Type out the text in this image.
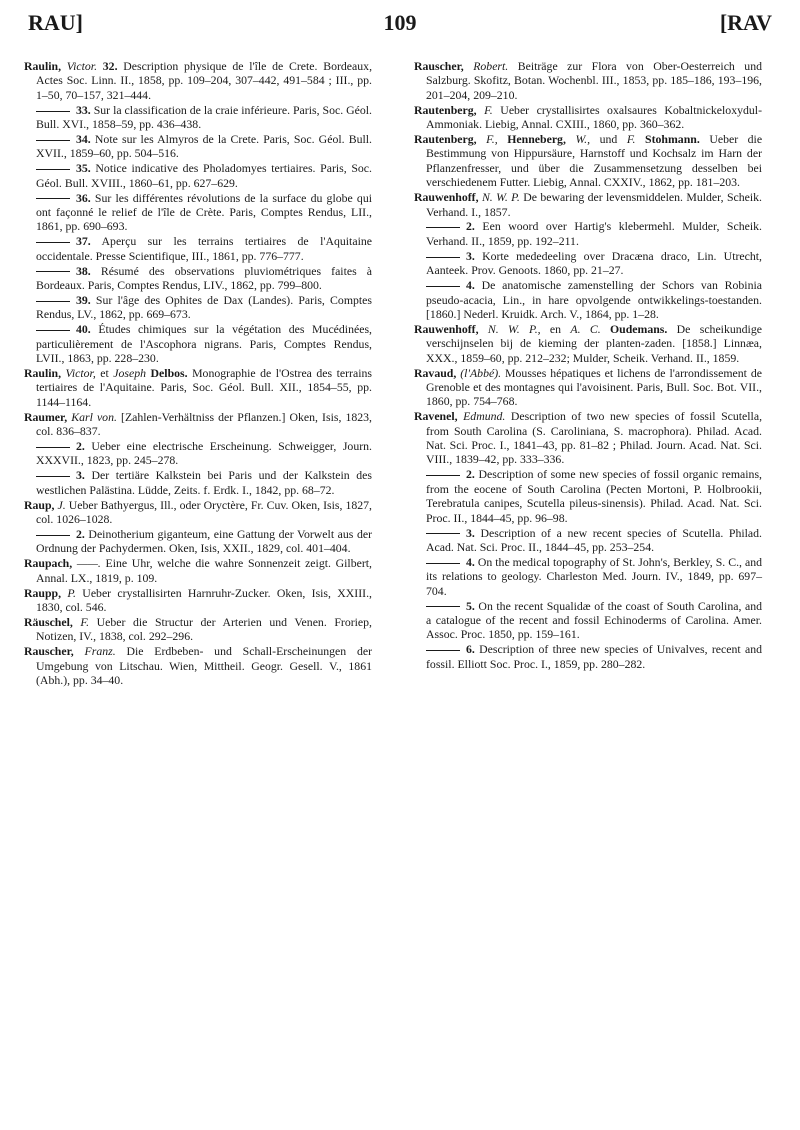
RAU]	109	[RAV

Raulin, Victor. 32. Description physique de l'île de Crete. Bordeaux, Actes Soc. Linn. II., 1858, pp. 109–204, 307–442, 491–584 ; III., pp. 1–50, 70–157, 321–444.

33. Sur la classification de la craie inférieure. Paris, Soc. Géol. Bull. XVI., 1858–59, pp. 436–438.

34. Note sur les Almyros de la Crete. Paris, Soc. Géol. Bull. XVII., 1859–60, pp. 504–516.

35. Notice indicative des Pholadomyes tertiaires. Paris, Soc. Géol. Bull. XVIII., 1860–61, pp. 627–629.

36. Sur les différentes révolutions de la surface du globe qui ont façonné le relief de l'île de Crète. Paris, Comptes Rendus, LII., 1861, pp. 690–693.

37. Aperçu sur les terrains tertiaires de l'Aquitaine occidentale. Presse Scientifique, III., 1861, pp. 776–777.

38. Résumé des observations pluviométriques faites à Bordeaux. Paris, Comptes Rendus, LIV., 1862, pp. 799–800.

39. Sur l'âge des Ophites de Dax (Landes). Paris, Comptes Rendus, LV., 1862, pp. 669–673.

40. Études chimiques sur la végétation des Mucédinées, particulièrement de l'Ascophora nigrans. Paris, Comptes Rendus, LVII., 1863, pp. 228–230.

Raulin, Victor, et Joseph Delbos. Monographie de l'Ostrea des terrains tertiaires de l'Aquitaine. Paris, Soc. Géol. Bull. XII., 1854–55, pp. 1144–1164.

Raumer, Karl von. [Zahlen-Verhältniss der Pflanzen.] Oken, Isis, 1823, col. 836–837.

2. Ueber eine electrische Erscheinung. Schweigger, Journ. XXXVII., 1823, pp. 245–278.

3. Der tertiäre Kalkstein bei Paris und der Kalkstein des westlichen Palästina. Lüdde, Zeits. f. Erdk. I., 1842, pp. 68–72.

Raup, J. Ueber Bathyergus, Ill., oder Oryctère, Fr. Cuv. Oken, Isis, 1827, col. 1026–1028.

2. Deinotherium giganteum, eine Gattung der Vorwelt aus der Ordnung der Pachydermen. Oken, Isis, XXII., 1829, col. 401–404.

Raupach, ——. Eine Uhr, welche die wahre Sonnenzeit zeigt. Gilbert, Annal. LX., 1819, p. 109.

Raupp, P. Ueber crystallisirten Harnruhr-Zucker. Oken, Isis, XXIII., 1830, col. 546.

Räuschel, F. Ueber die Structur der Arterien und Venen. Froriep, Notizen, IV., 1838, col. 292–296.

Rauscher, Franz. Die Erdbeben- und Schall-Erscheinungen der Umgebung von Litschau. Wien, Mittheil. Geogr. Gesell. V., 1861 (Abh.), pp. 34–40.

Rauscher, Robert. Beiträge zur Flora von Ober-Oesterreich und Salzburg. Skofitz, Botan. Wochenbl. III., 1853, pp. 185–186, 193–196, 201–204, 209–210.

Rautenberg, F. Ueber crystallisirtes oxalsaures Kobaltnickeloxydul-Ammoniak. Liebig, Annal. CXIII., 1860, pp. 360–362.

Rautenberg, F., Henneberg, W., und F. Stohmann. Ueber die Bestimmung von Hippursäure, Harnstoff und Kochsalz im Harn der Pflanzenfresser, und über die Zusammensetzung desselben bei verschiedenem Futter. Liebig, Annal. CXXIV., 1862, pp. 181–203.

Rauwenhoff, N. W. P. De bewaring der levensmiddelen. Mulder, Scheik. Verhand. I., 1857.

2. Een woord over Hartig's klebermehl. Mulder, Scheik. Verhand. II., 1859, pp. 192–211.

3. Korte mededeeling over Dracæna draco, Lin. Utrecht, Aanteek. Prov. Genoots. 1860, pp. 21–27.

4. De anatomische zamenstelling der Schors van Robinia pseudo-acacia, Lin., in hare opvolgende ontwikkelings-toestanden. [1860.] Nederl. Kruidk. Arch. V., 1864, pp. 1–28.

Rauwenhoff, N. W. P., en A. C. Oudemans. De scheikundige verschijnselen bij de kieming der planten-zaden. [1858.] Linnæa, XXX., 1859–60, pp. 212–232; Mulder, Scheik. Verhand. II., 1859.

Ravaud, (l'Abbé). Mousses hépatiques et lichens de l'arrondissement de Grenoble et des montagnes qui l'avoisinent. Paris, Bull. Soc. Bot. VII., 1860, pp. 754–768.

Ravenel, Edmund. Description of two new species of fossil Scutella, from South Carolina (S. Caroliniana, S. macrophora). Philad. Acad. Nat. Sci. Proc. I., 1841–43, pp. 81–82 ; Philad. Journ. Acad. Nat. Sci. VIII., 1839–42, pp. 333–336.

2. Description of some new species of fossil organic remains, from the eocene of South Carolina (Pecten Mortoni, P. Holbrookii, Terebratula canipes, Scutella pileus-sinensis). Philad. Acad. Nat. Sci. Proc. II., 1844–45, pp. 96–98.

3. Description of a new recent species of Scutella. Philad. Acad. Nat. Sci. Proc. II., 1844–45, pp. 253–254.

4. On the medical topography of St. John's, Berkley, S. C., and its relations to geology. Charleston Med. Journ. IV., 1849, pp. 697–704.

5. On the recent Squalidæ of the coast of South Carolina, and a catalogue of the recent and fossil Echinoderms of Carolina. Amer. Assoc. Proc. 1850, pp. 159–161.

6. Description of three new species of Univalves, recent and fossil. Elliott Soc. Proc. I., 1859, pp. 280–282.
